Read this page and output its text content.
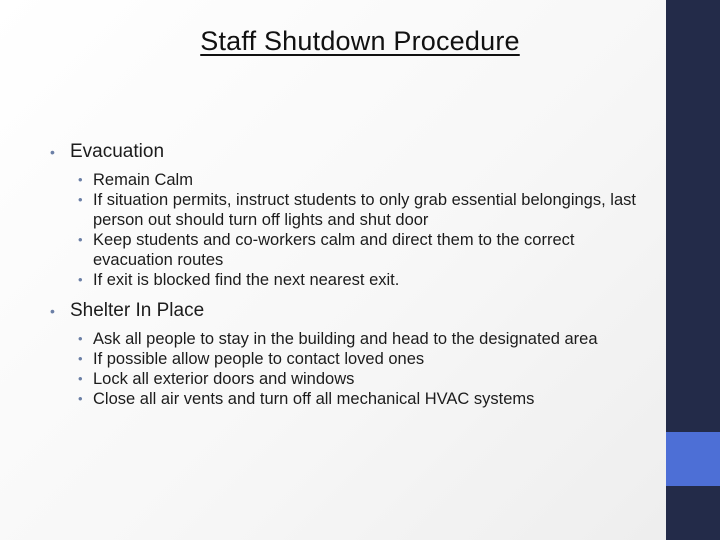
Staff Shutdown Procedure
• Evacuation
• Remain Calm
• If situation permits, instruct students to only grab essential belongings, last person out should turn off lights and shut door
• Keep students and co-workers calm and direct them to the correct evacuation routes
• If exit is blocked find the next nearest exit.
• Shelter In Place
• Ask all people to stay in the building and head to the designated area
• If possible allow people to contact loved ones
• Lock all exterior doors and windows
• Close all air vents and turn off all mechanical HVAC systems
